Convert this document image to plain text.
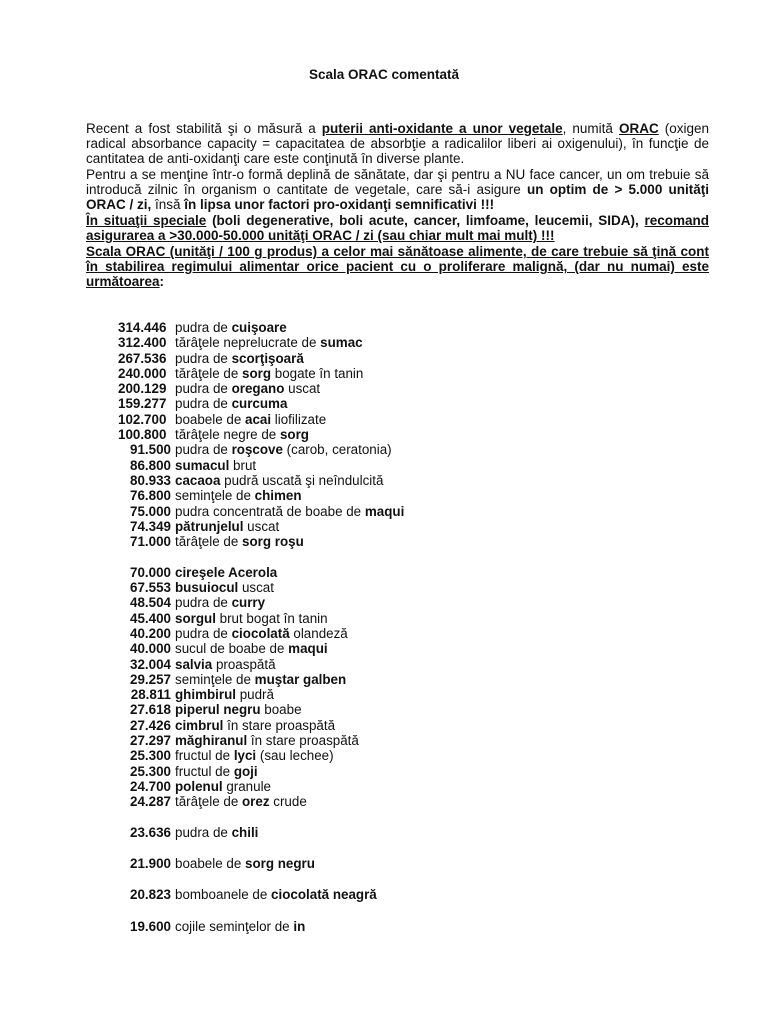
Scala ORAC comentată

Recent a fost stabilită şi o măsură a puterii anti-oxidante a unor vegetale, numită ORAC (oxigen radical absorbance capacity = capacitatea de absorbţie a radicalilor liberi ai oxigenului), în funcţie de cantitatea de anti-oxidanţi care este conţinută în diverse plante.

Pentru a se menţine într-o formă deplină de sănătate, dar şi pentru a NU face cancer, un om trebuie să introducă zilnic în organism o cantitate de vegetale, care să-i asigure un optim de > 5.000 unităţi ORAC / zi, însă în lipsa unor factori pro-oxidanţi semnificativi !!!

În situaţii speciale (boli degenerative, boli acute, cancer, limfoame, leucemii, SIDA), recomand asigurarea a >30.000-50.000 unităţi ORAC / zi (sau chiar mult mai mult) !!!

Scala ORAC (unităţi / 100 g produs) a celor mai sănătoase alimente, de care trebuie să ţină cont în stabilirea regimului alimentar orice pacient cu o proliferare malignă, (dar nu numai) este următoarea:

314.446 pudra de cuişoare
312.400 tărâţele neprelucrate de sumac
267.536 pudra de scorţişoară
240.000 tărâţele de sorg bogate în tanin
200.129 pudra de oregano uscat
159.277 pudra de curcuma
102.700 boabele de acai liofilizate
100.800 tărâţele negre de sorg
91.500 pudra de roşcove (carob, ceratonia)
86.800 sumacul brut
80.933 cacaoa pudră uscată şi neîndulcită
76.800 seminţele de chimen
75.000 pudra concentrată de boabe de maqui
74.349 pătrunjelul uscat
71.000 tărâţele de sorg roşu
70.000 cireşele Acerola
67.553 busuiocul uscat
48.504 pudra de curry
45.400 sorgul brut bogat în tanin
40.200 pudra de ciocolată olandeză
40.000 sucul de boabe de maqui
32.004 salvia proaspătă
29.257 seminţele de muştar galben
28.811 ghimbirul pudră
27.618 piperul negru boabe
27.426 cimbrul în stare proaspătă
27.297 măghiranul în stare proaspătă
25.300 fructul de lyci (sau lechee)
25.300 fructul de goji
24.700 polenul granule
24.287 tărâţele de orez crude
23.636 pudra de chili
21.900 boabele de sorg negru
20.823 bomboanele de ciocolată neagră
19.600 cojile seminţelor de in
